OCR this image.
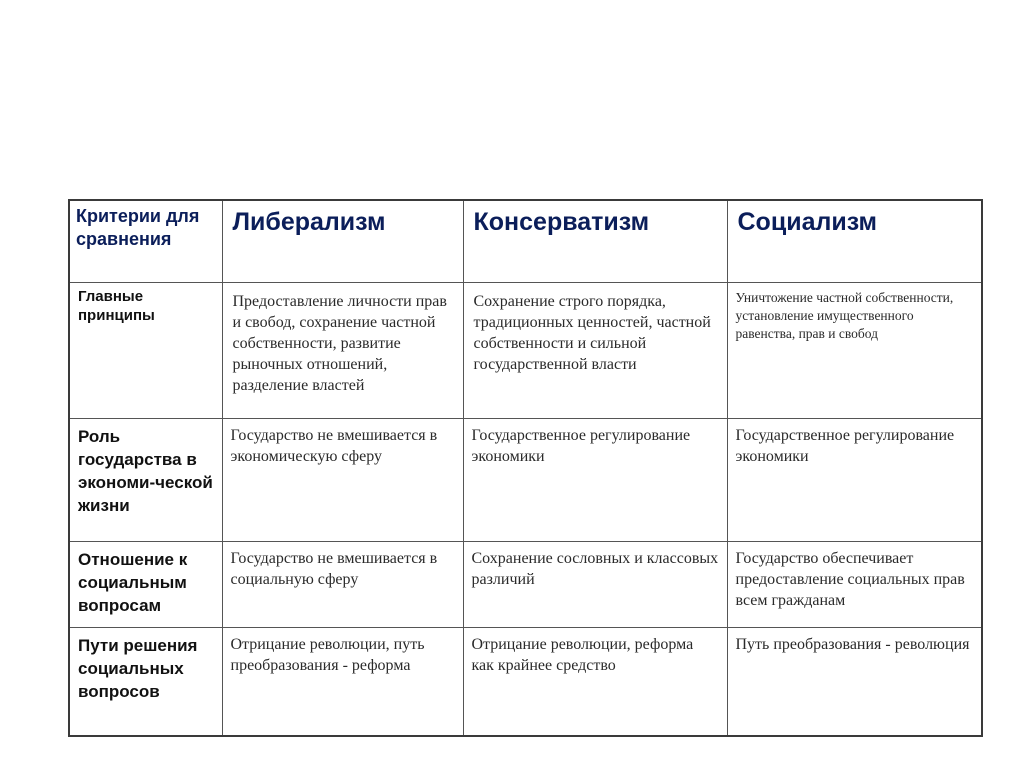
Критерии для сравнения	Либерализм	Консерватизм	Социализм
Главные принципы	Предоставление личности прав и свобод, сохранение частной собственности, развитие рыночных отношений, разделение властей	Сохранение строго порядка, традиционных ценностей, частной собственности и сильной государственной власти	Уничтожение частной собственности, установление имущественного равенства, прав и свобод
Роль государства в экономи-ческой жизни	Государство не вмешивается в экономическую сферу	Государственное регулирование экономики	Государственное регулирование экономики
Отношение к социальным вопросам	Государство не вмешивается в социальную сферу	Сохранение сословных и классовых различий	Государство обеспечивает предоставление социальных прав всем гражданам
Пути решения социальных вопросов	Отрицание революции, путь преобразования - реформа	Отрицание революции, реформа как крайнее средство	Путь преобразования - революция
